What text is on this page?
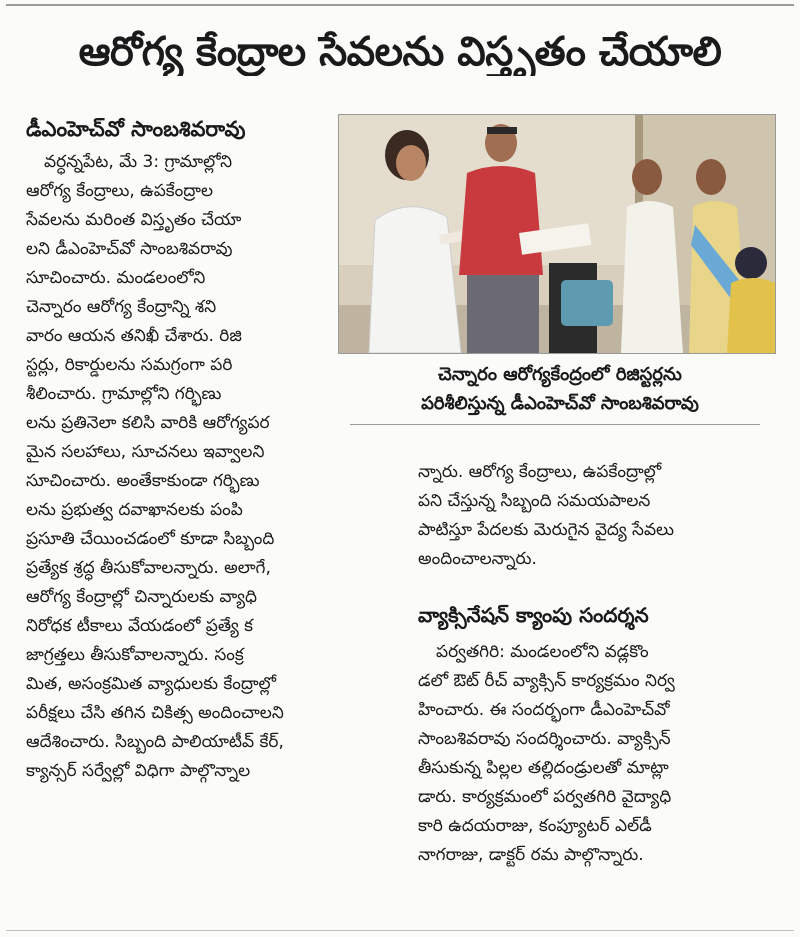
ఆరోగ్య కేంద్రాల సేవలను విస్తృతం చేయాలి
డీఎంహెచ్‌వో సాంబశివరావు

చెన్నారం ఆరోగ్యకేంద్రంలో రిజిస్టర్లను

పరిశీలిస్తున్న డీఎంహెచ్‌వో సాంబశివరావు

వర్ధన్నపేట, మే 3: గ్రామాల్లోని

ఆరోగ్య కేంద్రాలు, ఉపకేంద్రాల

సేవలను మరింత విస్తృతం చేయా

లని డీఎంహెచ్‌వో సాంబశివరావు

సూచించారు. మండలంలోని

చెన్నారం ఆరోగ్య కేంద్రాన్ని శని

వారం ఆయన తనిఖీ చేశారు. రిజి

స్టర్లు, రికార్డులను సమగ్రంగా పరి

శీలించారు. గ్రామాల్లోని గర్భిణు

లను ప్రతినెలా కలిసి వారికి ఆరోగ్యపర

మైన సలహాలు, సూచనలు ఇవ్వాలని

సూచించారు. అంతేకాకుండా గర్భిణు

లను ప్రభుత్వ దవాఖానలకు పంపి

ప్రసూతి చేయించడంలో కూడా సిబ్బంది

ప్రత్యేక శ్రద్ధ తీసుకోవాలన్నారు. అలాగే,

ఆరోగ్య కేంద్రాల్లో చిన్నారులకు వ్యాధి

నిరోధక టీకాలు వేయడంలో ప్రత్యే క

జాగ్రత్తలు తీసుకోవాలన్నారు. సంక్ర

మిత, అసంక్రమిత వ్యాధులకు కేంద్రాల్లో

పరీక్షలు చేసి తగిన చికిత్స అందించాలని

ఆదేశించారు. సిబ్బంది పాలియాటీవ్ కేర్,

క్యాన్సర్ సర్వేల్లో విధిగా పాల్గొన్నాల

న్నారు. ఆరోగ్య కేంద్రాలు, ఉపకేంద్రాల్లో

పని చేస్తున్న సిబ్బంది సమయపాలన

పాటిస్తూ పేదలకు మెరుగైన వైద్య సేవలు

అందించాలన్నారు.

వ్యాక్సినేషన్ క్యాంపు సందర్శన

పర్వతగిరి: మండలంలోని వడ్లకొం

డలో ఔట్ రీచ్ వ్యాక్సిన్ కార్యక్రమం నిర్వ

హించారు. ఈ సందర్భంగా డీఎంహెచ్‌వో

సాంబశివరావు సందర్శించారు. వ్యాక్సిన్

తీసుకున్న పిల్లల తల్లిదండ్రులతో మాట్లా

డారు. కార్యక్రమంలో పర్వతగిరి వైద్యాధి

కారి ఉదయరాజు, కంప్యూటర్ ఎల్‌డీ

నాగరాజు, డాక్టర్ రమ పాల్గొన్నారు.
